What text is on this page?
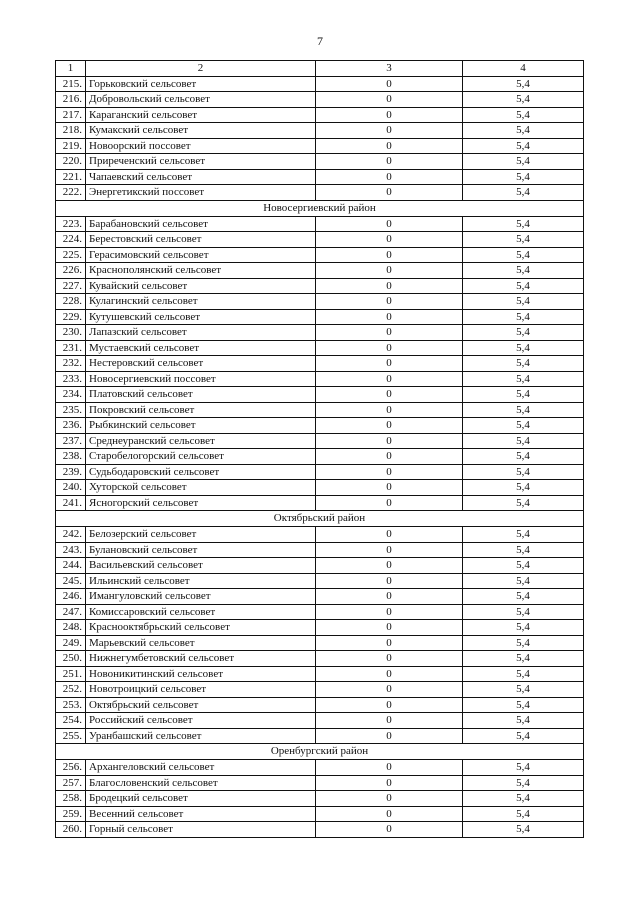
7
1	2	3	4
215.	Горьковский сельсовет	0	5,4
216.	Добровольский сельсовет	0	5,4
217.	Караганский сельсовет	0	5,4
218.	Кумакский сельсовет	0	5,4
219.	Новоорский поссовет	0	5,4
220.	Приреченский сельсовет	0	5,4
221.	Чапаевский сельсовет	0	5,4
222.	Энергетикский поссовет	0	5,4
Новосергиевский район			
223.	Барабановский сельсовет	0	5,4
224.	Берестовский сельсовет	0	5,4
225.	Герасимовский сельсовет	0	5,4
226.	Краснополянский сельсовет	0	5,4
227.	Кувайский сельсовет	0	5,4
228.	Кулагинский сельсовет	0	5,4
229.	Кутушевский сельсовет	0	5,4
230.	Лапазский сельсовет	0	5,4
231.	Мустаевский сельсовет	0	5,4
232.	Нестеровский сельсовет	0	5,4
233.	Новосергиевский поссовет	0	5,4
234.	Платовский сельсовет	0	5,4
235.	Покровский сельсовет	0	5,4
236.	Рыбкинский сельсовет	0	5,4
237.	Среднеуранский сельсовет	0	5,4
238.	Старобелогорский сельсовет	0	5,4
239.	Судьбодаровский сельсовет	0	5,4
240.	Хуторской сельсовет	0	5,4
241.	Ясногорский сельсовет	0	5,4
Октябрьский район			
242.	Белозерский сельсовет	0	5,4
243.	Булановский сельсовет	0	5,4
244.	Васильевский сельсовет	0	5,4
245.	Ильинский сельсовет	0	5,4
246.	Имангуловский сельсовет	0	5,4
247.	Комиссаровский сельсовет	0	5,4
248.	Краснооктябрьский сельсовет	0	5,4
249.	Марьевский сельсовет	0	5,4
250.	Нижнегумбетовский сельсовет	0	5,4
251.	Новоникитинский сельсовет	0	5,4
252.	Новотроицкий сельсовет	0	5,4
253.	Октябрьский сельсовет	0	5,4
254.	Российский сельсовет	0	5,4
255.	Уранбашский сельсовет	0	5,4
Оренбургский район			
256.	Архангеловский сельсовет	0	5,4
257.	Благословенский сельсовет	0	5,4
258.	Бродецкий сельсовет	0	5,4
259.	Весенний сельсовет	0	5,4
260.	Горный сельсовет	0	5,4
